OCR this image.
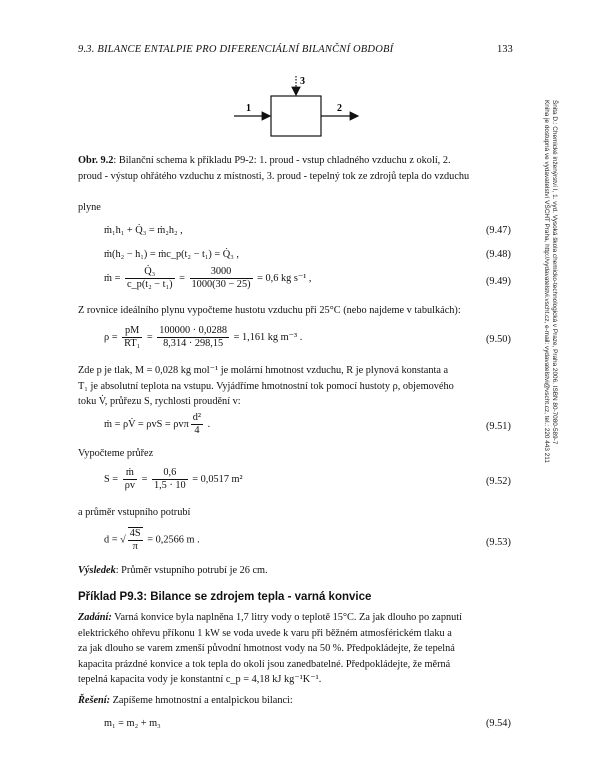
9.3. BILANCE ENTALPIE PRO DIFERENCIÁLNÍ BILANČNÍ OBDOBÍ	133
Šnita D.: Chemické inženýrství I, 1. vyd. Vysoká škola chemicko-technologická v Praze, Praha 2006. ISBN 80-7080-589-7
Kniha je dostupná ve vydavatelství VŠCHT Praha, http://vydavatelstvi.vscht.cz, e-mail: vydavatelstvi@vscht.cz, tel.: 220 443 211
1	2
3
Obr. 9.2: Bilanční schema k příkladu P9-2: 1. proud - vstup chladného vzduchu z okolí, 2.
proud - výstup ohřátého vzduchu z místnosti, 3. proud - tepelný tok ze zdrojů tepla do vzduchu
plyne
ṁ₁h₁ + Q̇₃ = ṁ₂h₂ ,	(9.47)
ṁ(h₂ − h₁) = ṁc_p(t₂ − t₁) = Q̇₃ ,	(9.48)
ṁ = $\frac{\text{Q̇₃}}{\text{c\_p(t₂ − t₁)}} = \frac{3000}{1000(30 - 25)} = 0,6$ kg s⁻¹ ,	(9.49)
Z rovnice ideálního plynu vypočteme hustotu vzduchu při 25°C (nebo najdeme v tabulkách):
$\rho = \frac{pM}{\text{RT₁}} = \frac{100000 \cdot 0,0288}{8,314 \cdot 298,15} = 1,161$ kg m⁻³ .	(9.50)
Zde p je tlak, M = 0,028 kg mol⁻¹ je molární hmotnost vzduchu, R je plynová konstanta a
T₁ je absolutní teplota na vstupu. Vyjádříme hmotnostní tok pomocí hustoty ρ, objemového
toku V̇, průřezu S, rychlosti proudění v:
ṁ = ρV̇ = ρvS = ρvπ $\frac{\text{d²}}{4}$ .	(9.51)
Vypočteme průřez
$S = \frac{\text{ṁ}}{\rho v} = \frac{0,6}{1,5 \cdot 10} = 0,0517$ m²	(9.52)
a průměr vstupního potrubí
d = √ $\frac{4S}{\pi} = 0,2566$ m .	(9.53)
Výsledek: Průměr vstupního potrubí je 26 cm.
Příklad P9.3: Bilance se zdrojem tepla - varná konvice
Zadání: Varná konvice byla naplněna 1,7 litry vody o teplotě 15°C. Za jak dlouho po zapnutí
elektrického ohřevu příkonu 1 kW se voda uvede k varu při běžném atmosférickém tlaku a
za jak dlouho se varem zmenší původní hmotnost vody na 50 %. Předpokládejte, že tepelná
kapacita prázdné konvice a tok tepla do okolí jsou zanedbatelné. Předpokládejte, že měrná
tepelná kapacita vody je konstantní c_p = 4,18 kJ kg⁻¹K⁻¹.
Řešení: Zapíšeme hmotnostní a entalpickou bilanci:
m₁ = m₂ + m₃	(9.54)
